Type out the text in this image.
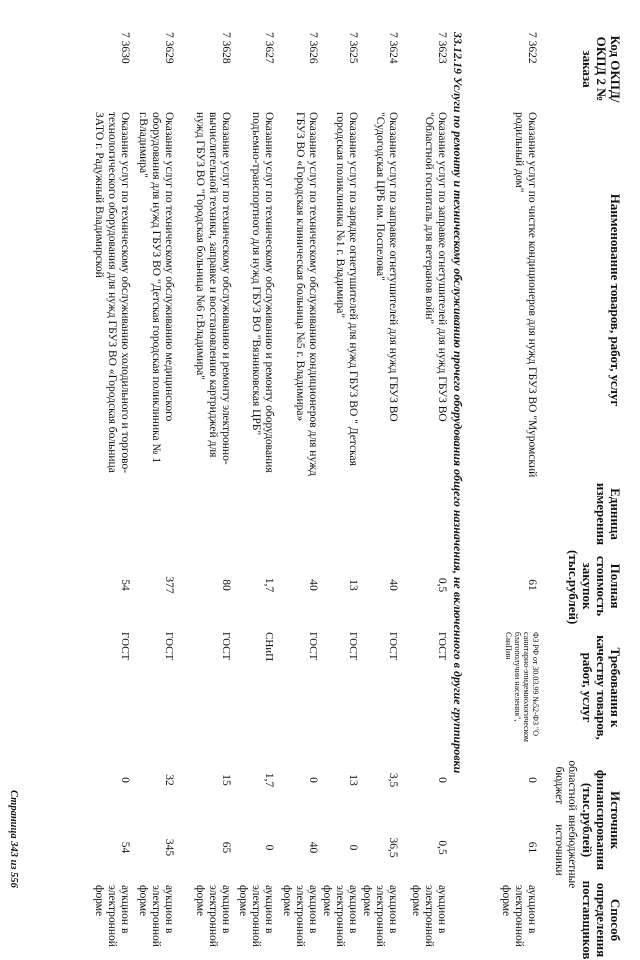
Код ОКПД/ ОКПД 2 № заказа
Наименование товаров, работ, услуг
Единица измерения
Полная стоимость закупок (тыс.рублей)
Требования к качеству товаров, работ, услуг
Источник финансирования (тыс.рублей)
областной бюджет
внебюджетные источники
Способ определения поставщиков
7 3622
Оказание услуг по чистке кондиционеров для нужд ГБУЗ ВО "Муромский родильный дом"
61
ФЗ РФ от 30.03.99 №52-ФЗ "О санитарно-эпидемиологическом благополучии населения", СанПин
0
61
аукцион в электронной форме
33.12.19 Услуги по ремонту и техническому обслуживанию прочего оборудования общего назначения, не включенного в другие группировки
7 3623
Оказание услуг по заправке огнетушителей для нужд ГБУЗ ВО "Областной госпиталь для ветеранов войн"
0,5
ГОСТ
0
0,5
аукцион в электронной форме
7 3624
Оказание услуг по заправке огнетушителей для нужд ГБУЗ ВО "Судогодская ЦРБ им. Поспелова"
40
ГОСТ
3,5
36,5
аукцион в электронной форме
7 3625
Оказание услуг по зарядке огнетушителей для нужд ГБУЗ ВО " Детская городская поликлиника №1 г. Владимира"
13
ГОСТ
13
0
аукцион в электронной форме
7 3626
Оказание услуг по техническому обслуживанию кондиционеров для нужд ГБУЗ ВО «Городская клиническая больница №5 г. Владимира»
40
ГОСТ
0
40
аукцион в электронной форме
7 3627
Оказание услуг по техническому обслуживанию и ремонту оборудования подъемно-транспортного для нужд ГБУЗ ВО "Вязниковская ЦРБ"
1,7
СНиП
1,7
0
аукцион в электронной форме
7 3628
Оказание услуг по техническому обслуживанию и ремонту электронно-вычислительной техники, заправке и восстановлению картриджей для нужд ГБУЗ ВО "Городская больница №6 г.Владимира"
80
ГОСТ
15
65
аукцион в электронной форме
7 3629
Оказание услуг по техническому обслуживанию медицинского оборудования для нужд ГБУЗ ВО "Детская городская поликлиника № 1 г.Владимира"
377
ГОСТ
32
345
аукцион в электронной форме
7 3630
Оказание услуг по техническому обслуживанию холодильного и торгово-технологического оборудования для нужд ГБУЗ ВО «Городская больница ЗАТО г. Радужный Владимирской
54
ГОСТ
0
54
аукцион в электронной форме
Страница 343 из 556
